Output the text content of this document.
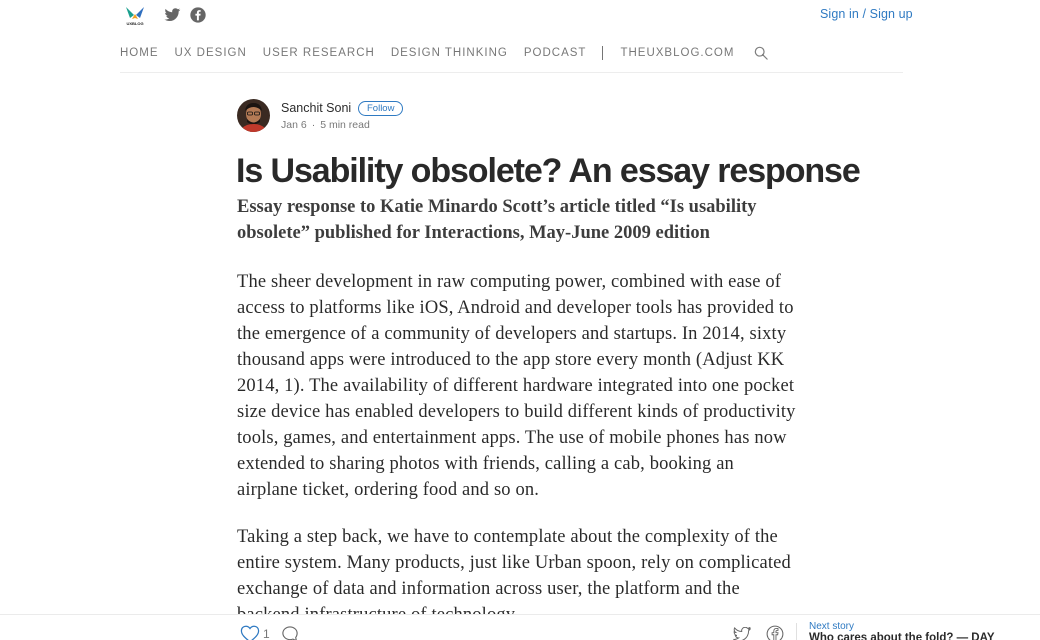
UXBLOG
Sign in / Sign up
HOME UX DESIGN USER RESEARCH DESIGN THINKING PODCAST	THEUXBLOG.COM
Sanchit Soni	Follow
Jan 6 · 5 min read
Is Usability obsolete? An essay response
Essay response to Katie Minardo Scott’s article titled “Is usability obsolete” published for Interactions, May-June 2009 edition

The sheer development in raw computing power, combined with ease of access to platforms like iOS, Android and developer tools has provided to the emergence of a community of developers and startups. In 2014, sixty thousand apps were introduced to the app store every month (Adjust KK 2014, 1). The availability of different hardware integrated into one pocket size device has enabled developers to build different kinds of productivity tools, games, and entertainment apps. The use of mobile phones has now extended to sharing photos with friends, calling a cab, booking an airplane ticket, ordering food and so on.

Taking a step back, we have to contemplate about the complexity of the entire system. Many products, just like Urban spoon, rely on complicated exchange of data and information across user, the platform and the

1
Next story
Who cares about the fold? — DAY
